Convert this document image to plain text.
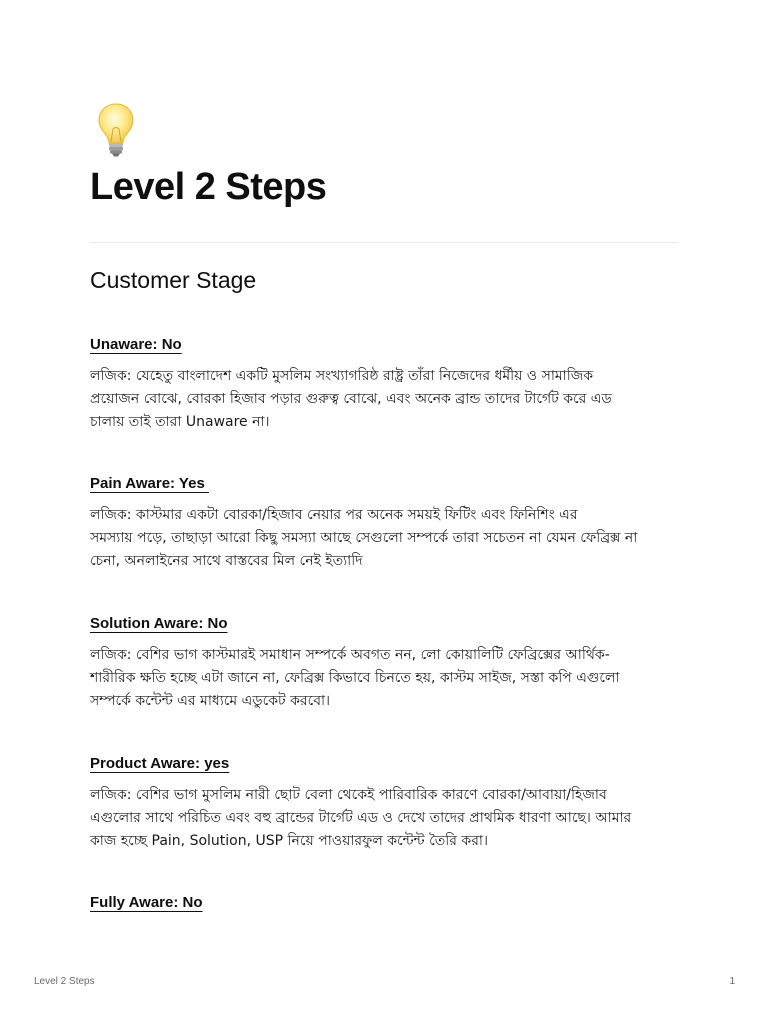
Level 2 Steps
Customer Stage
Unaware: No

লজিক: যেহেতু বাংলাদেশ একটি মুসলিম সংখ্যাগরিষ্ঠ রাষ্ট্র তাঁরা নিজেদের ধর্মীয় ও সামাজিক
প্রয়োজন বোঝে, বোরকা হিজাব পড়ার গুরুত্ব বোঝে, এবং অনেক ব্রান্ড তাদের টার্গেট করে এড
চালায় তাই তারা Unaware না।

Pain Aware: Yes

লজিক: কাস্টমার একটা বোরকা/হিজাব নেয়ার পর অনেক সময়ই ফিটিং এবং ফিনিশিং এর
সমস্যায় পড়ে, তাছাড়া আরো কিছু সমস্যা আছে সেগুলো সম্পর্কে তারা সচেতন না যেমন ফেব্রিক্স না
চেনা, অনলাইনের সাথে বাস্তবের মিল নেই ইত্যাদি

Solution Aware: No

লজিক: বেশির ভাগ কাস্টমারই সমাধান সম্পর্কে অবগত নন, লো কোয়ালিটি ফেব্রিক্সের আর্থিক-
শারীরিক ক্ষতি হচ্ছে এটা জানে না, ফেব্রিক্স কিভাবে চিনতে হয়, কাস্টম সাইজ, সস্তা কপি এগুলো
সম্পর্কে কন্টেন্ট এর মাধ্যমে এডুকেট করবো।

Product Aware: yes

লজিক: বেশির ভাগ মুসলিম নারী ছোট বেলা থেকেই পারিবারিক কারণে বোরকা/আবায়া/হিজাব
এগুলোর সাথে পরিচিত এবং বহু ব্রান্ডের টার্গেট এড ও দেখে তাদের প্রাথমিক ধারণা আছে। আমার
কাজ হচ্ছে Pain, Solution, USP নিয়ে পাওয়ারফুল কন্টেন্ট তৈরি করা।

Fully Aware: No

Level 2 Steps	1
